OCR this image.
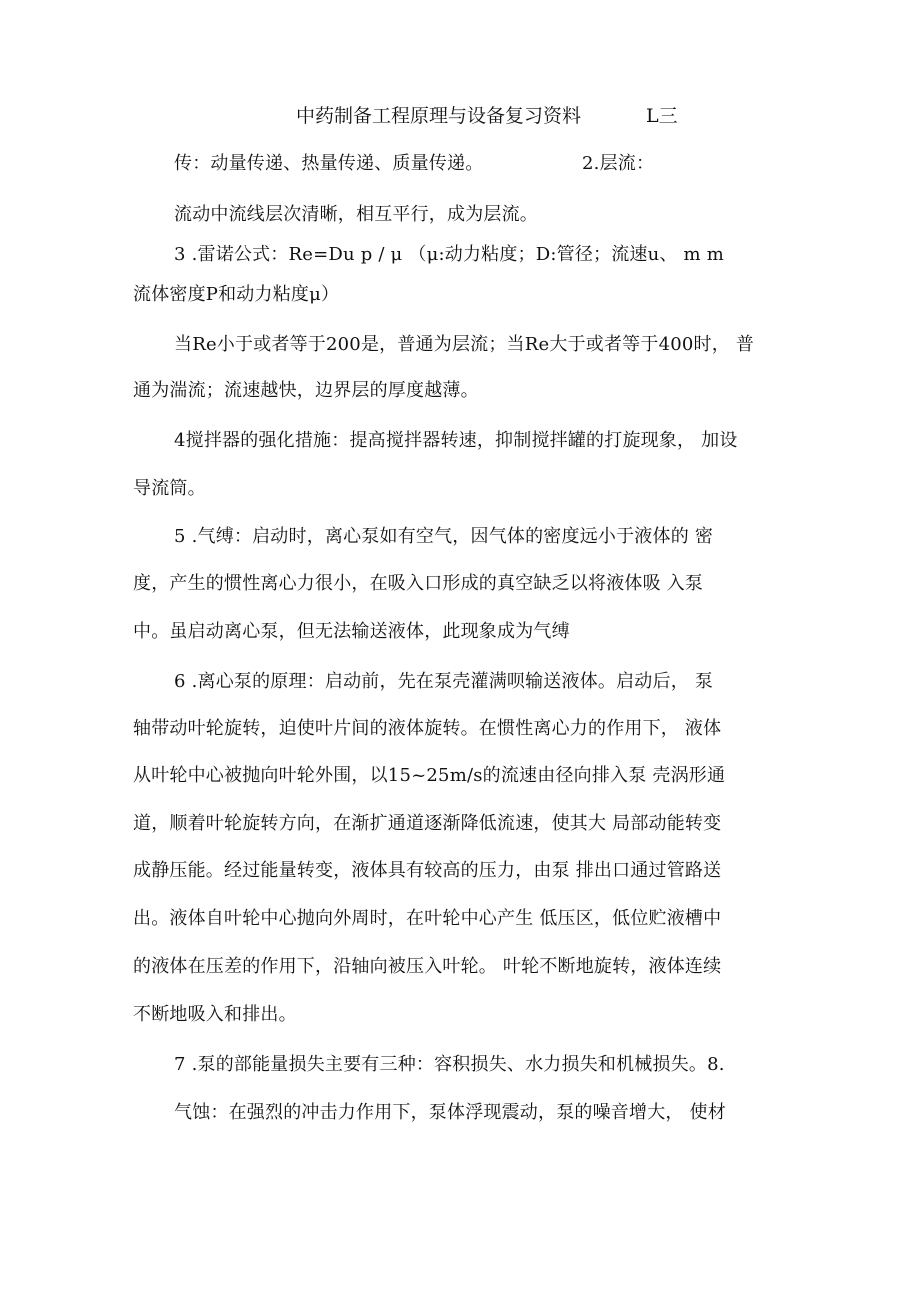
中药制备工程原理与设备复习资料	L三
传：动量传递、热量传递、质量传递。	2.层流：
流动中流线层次清晰，相互平行，成为层流。
3 .雷诺公式：Re=Du p / μ （μ:动力粘度；D:管径；流速u、 m m
流体密度P和动力粘度μ）
当Re小于或者等于200是，普通为层流；当Re大于或者等于400时， 普
通为湍流；流速越快，边界层的厚度越薄。
4搅拌器的强化措施：提高搅拌器转速，抑制搅拌罐的打旋现象， 加设
导流筒。
5 .气缚：启动时，离心泵如有空气，因气体的密度远小于液体的 密
度，产生的惯性离心力很小，在吸入口形成的真空缺乏以将液体吸 入泵
中。虽启动离心泵，但无法输送液体，此现象成为气缚
6 .离心泵的原理：启动前，先在泵壳灌满呗输送液体。启动后， 泵
轴带动叶轮旋转，迫使叶片间的液体旋转。在惯性离心力的作用下， 液体
从叶轮中心被抛向叶轮外围，以15~25m∕s的流速由径向排入泵 壳涡形通
道，顺着叶轮旋转方向，在渐扩通道逐渐降低流速，使其大 局部动能转变
成静压能。经过能量转变，液体具有较高的压力，由泵 排出口通过管路送
出。液体自叶轮中心抛向外周时，在叶轮中心产生 低压区，低位贮液槽中
的液体在压差的作用下，沿轴向被压入叶轮。 叶轮不断地旋转，液体连续
不断地吸入和排出。
7 .泵的部能量损失主要有三种：容积损失、水力损失和机械损失。8.
气蚀：在强烈的冲击力作用下，泵体浮现震动，泵的噪音增大， 使材
